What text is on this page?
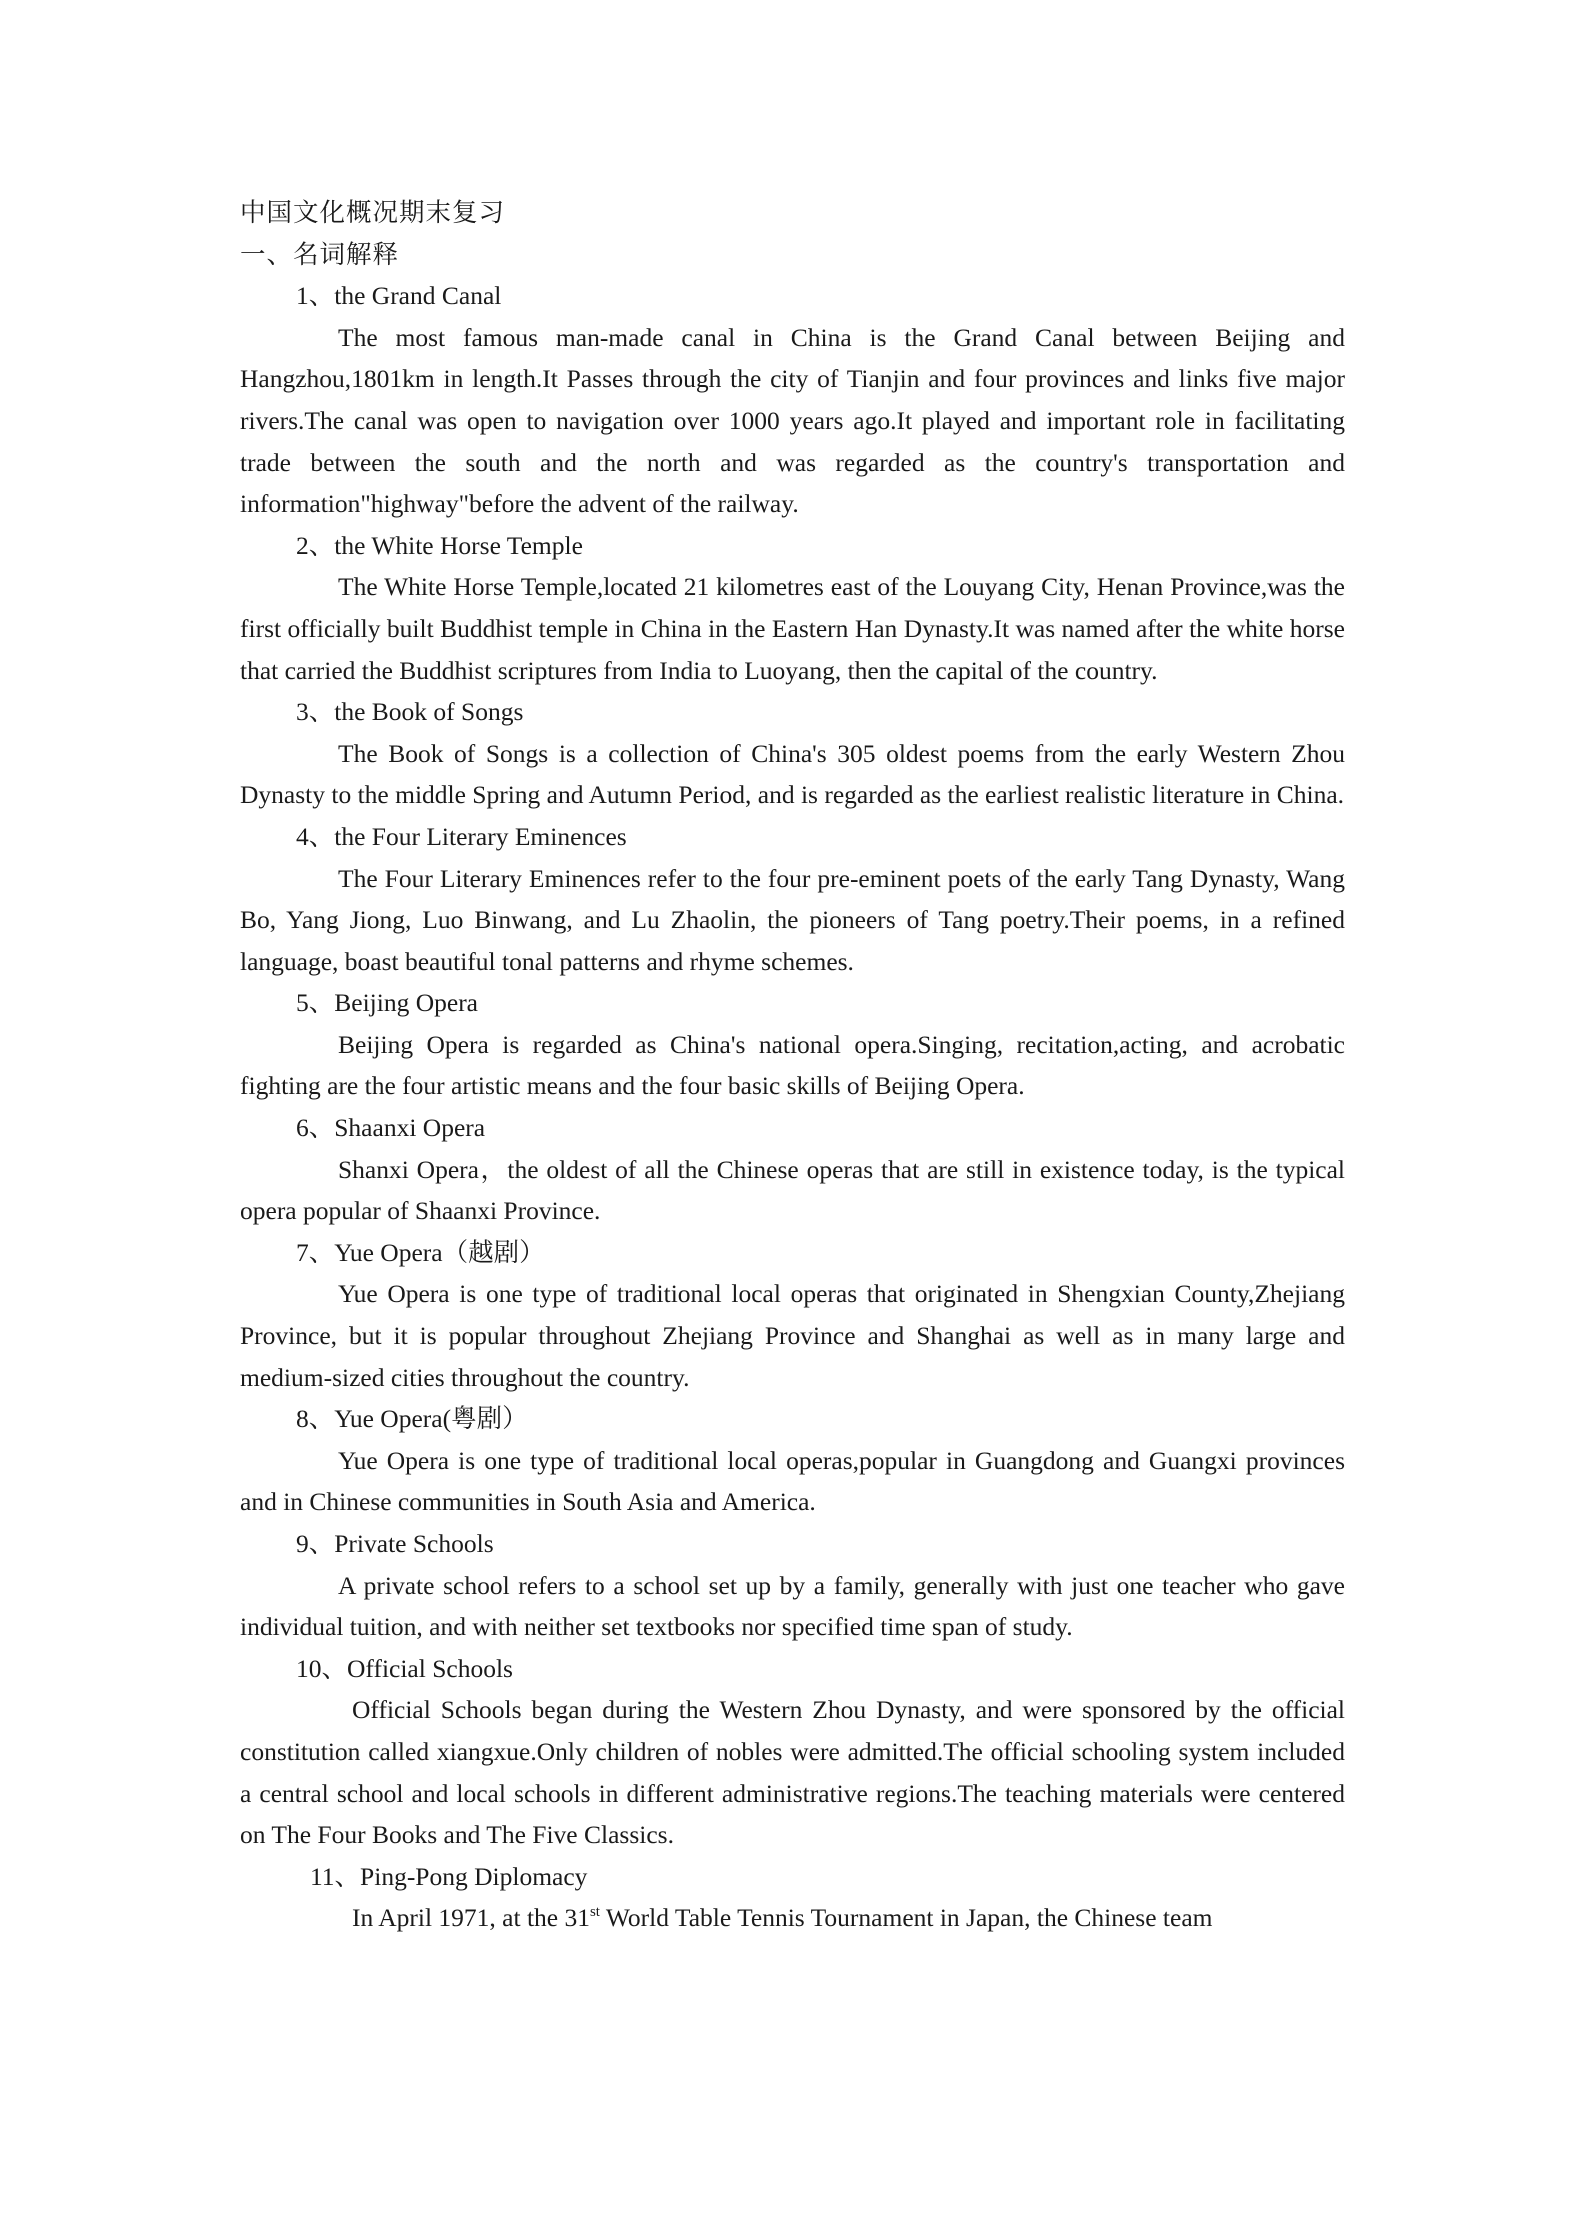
中国文化概况期末复习
一、名词解释
1、the Grand Canal

The most famous man-made canal in China is the Grand Canal between Beijing and Hangzhou,1801km in length.It Passes through the city of Tianjin and four provinces and links five major rivers.The canal was open to navigation over 1000 years ago.It played and important role in facilitating trade between the south and the north and was regarded as the country's transportation and information"highway"before the advent of the railway.

2、the White Horse Temple

The White Horse Temple,located 21 kilometres east of the Louyang City, Henan Province,was the first officially built Buddhist temple in China in the Eastern Han Dynasty.It was named after the white horse that carried the Buddhist scriptures from India to Luoyang, then the capital of the country.

3、the Book of Songs

The Book of Songs is a collection of China's 305 oldest poems from the early Western Zhou Dynasty to the middle Spring and Autumn Period, and is regarded as the earliest realistic literature in China.

4、the Four Literary Eminences

The Four Literary Eminences refer to the four pre-eminent poets of the early Tang Dynasty, Wang Bo, Yang Jiong, Luo Binwang, and Lu Zhaolin, the pioneers of Tang poetry.Their poems, in a refined language, boast beautiful tonal patterns and rhyme schemes.

5、Beijing Opera

Beijing Opera is regarded as China's national opera.Singing, recitation,acting, and acrobatic fighting are the four artistic means and the four basic skills of Beijing Opera.

6、Shaanxi Opera

Shanxi Opera，the oldest of all the Chinese operas that are still in existence today, is the typical opera popular of Shaanxi Province.

7、Yue Opera（越剧）

Yue Opera is one type of traditional local operas that originated in Shengxian County,Zhejiang Province, but it is popular throughout Zhejiang Province and Shanghai as well as in many large and medium-sized cities throughout the country.

8、Yue Opera(粤剧）

Yue Opera is one type of traditional local operas,popular in Guangdong and Guangxi provinces and in Chinese communities in South Asia and America.

9、Private Schools

A private school refers to a school set up by a family, generally with just one teacher who gave individual tuition, and with neither set textbooks nor specified time span of study.

10、Official Schools

Official Schools began during the Western Zhou Dynasty, and were sponsored by the official constitution called xiangxue.Only children of nobles were admitted.The official schooling system included a central school and local schools in different administrative regions.The teaching materials were centered on The Four Books and The Five Classics.

11、Ping-Pong Diplomacy

In April 1971, at the 31st World Table Tennis Tournament in Japan, the Chinese team
